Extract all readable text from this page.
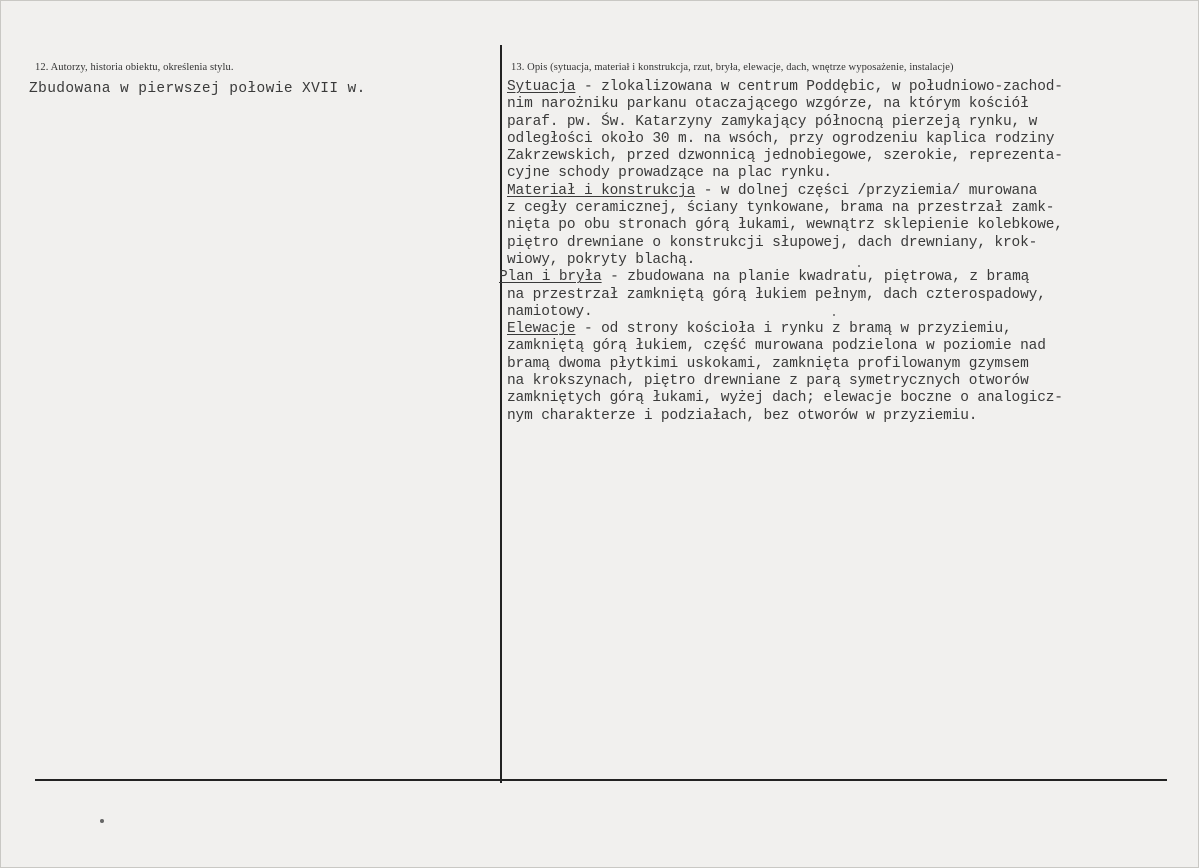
12. Autorzy, historia obiektu, określenia stylu.
Zbudowana w pierwszej połowie XVII w.
13. Opis (sytuacja, materiał i konstrukcja, rzut, bryła, elewacje, dach, wnętrze wyposażenie, instalacje)
Sytuacja - zlokalizowana w centrum Poddębic, w południowo-zachod-
nim narożniku parkanu otaczającego wzgórze, na którym kościół
paraf. pw. Św. Katarzyny zamykający północną pierzeją rynku, w
odległości około 30 m. na wsóch, przy ogrodzeniu kaplica rodziny
Zakrzewskich, przed dzwonnicą jednobiegowe, szerokie, reprezenta-
cyjne schody prowadzące na plac rynku.
Materiał i konstrukcja - w dolnej części /przyziemia/ murowana
z cegły ceramicznej, ściany tynkowane, brama na przestrzał zamk-
nięta po obu stronach górą łukami, wewnątrz sklepienie kolebkowe,
piętro drewniane o konstrukcji słupowej, dach drewniany, krok-
wiowy, pokryty blachą.
Plan i bryła - zbudowana na planie kwadratu, piętrowa, z bramą
na przestrzał zamkniętą górą łukiem pełnym, dach czterospadowy,
namiotowy.
Elewacje - od strony kościoła i rynku z bramą w przyziemiu,
zamkniętą górą łukiem, część murowana podzielona w poziomie nad
bramą dwoma płytkimi uskokami, zamknięta profilowanym gzymsem
na krokszynach, piętro drewniane z parą symetrycznych otworów
zamkniętych górą łukami, wyżej dach; elewacje boczne o analogicz-
nym charakterze i podziałach, bez otworów w przyziemiu.
